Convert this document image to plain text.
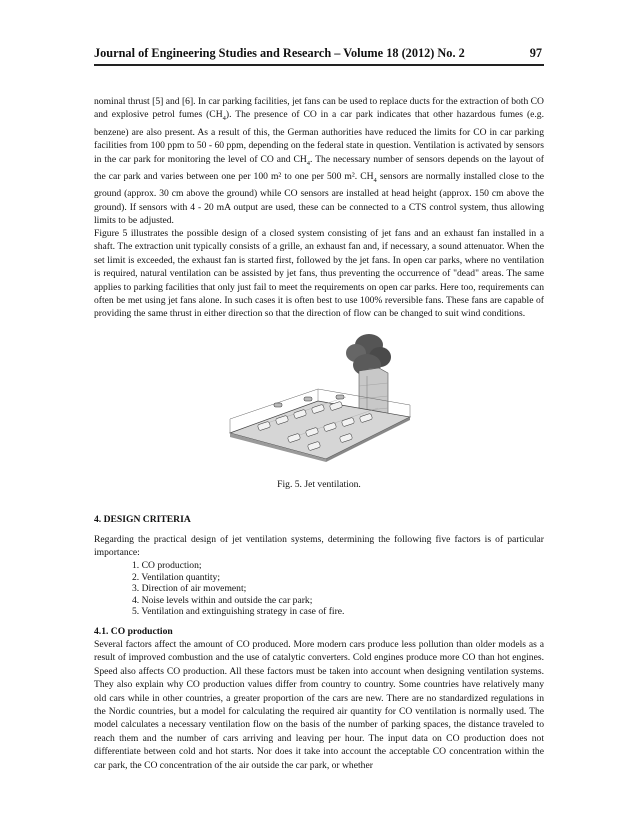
Journal of Engineering Studies and Research – Volume 18 (2012) No. 2	97

nominal thrust [5] and [6]. In car parking facilities, jet fans can be used to replace ducts for the extraction of both CO and explosive petrol fumes $(CH_4)$. The presence of CO in a car park indicates that other hazardous fumes (e.g. benzene) are also present. As a result of this, the German authorities have reduced the limits for CO in car parking facilities from 100 ppm to 50 - 60 ppm, depending on the federal state in question. Ventilation is activated by sensors in the car park for monitoring the level of CO and $CH_4$. The necessary number of sensors depends on the layout of the car park and varies between one per 100 m² to one per 500 m². $CH_4$ sensors are normally installed close to the ground (approx. 30 cm above the ground) while CO sensors are installed at head height (approx. 150 cm above the ground). If sensors with 4 - 20 mA output are used, these can be connected to a CTS control system, thus allowing limits to be adjusted.

Figure 5 illustrates the possible design of a closed system consisting of jet fans and an exhaust fan installed in a shaft. The extraction unit typically consists of a grille, an exhaust fan and, if necessary, a sound attenuator. When the set limit is exceeded, the exhaust fan is started first, followed by the jet fans. In open car parks, where no ventilation is required, natural ventilation can be assisted by jet fans, thus preventing the occurrence of "dead" areas. The same applies to parking facilities that only just fail to meet the requirements on open car parks. Here too, requirements can often be met using jet fans alone. In such cases it is often best to use 100% reversible fans. These fans are capable of providing the same thrust in either direction so that the direction of flow can be changed to suit wind conditions.

Fig. 5. Jet ventilation.
4. DESIGN CRITERIA

Regarding the practical design of jet ventilation systems, determining the following five factors is of particular importance:

1. CO production;
2. Ventilation quantity;
3. Direction of air movement;
4. Noise levels within and outside the car park;
5. Ventilation and extinguishing strategy in case of fire.
4.1. CO production

Several factors affect the amount of CO produced. More modern cars produce less pollution than older models as a result of improved combustion and the use of catalytic converters. Cold engines produce more CO than hot engines. Speed also affects CO production. All these factors must be taken into account when designing ventilation systems. They also explain why CO production values differ from country to country. Some countries have relatively many old cars while in other countries, a greater proportion of the cars are new. There are no standardized regulations in the Nordic countries, but a model for calculating the required air quantity for CO ventilation is normally used. The model calculates a necessary ventilation flow on the basis of the number of parking spaces, the distance traveled to reach them and the number of cars arriving and leaving per hour. The input data on CO production does not differentiate between cold and hot starts. Nor does it take into account the acceptable CO concentration within the car park, the CO concentration of the air outside the car park, or whether
